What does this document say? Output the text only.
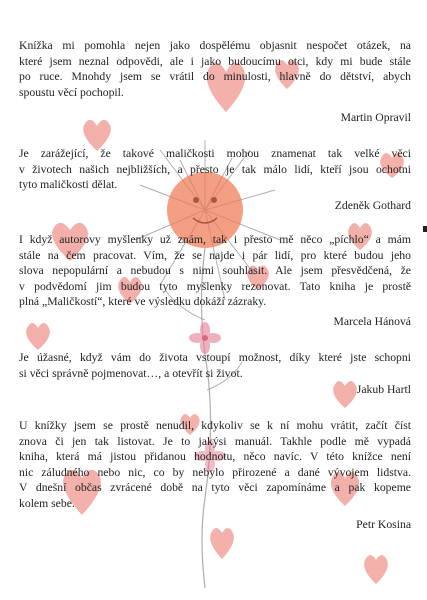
Knížka mi pomohla nejen jako dospělému objasnit nespočet otázek, na
které jsem neznal odpovědi, ale i jako budoucímu otci, kdy mi bude stále
po ruce. Mnohdy jsem se vrátil do minulosti, hlavně do dětství, abych
spoustu věcí pochopil.

Martin Opravil

Je zarážející, že takové maličkosti mohou znamenat tak velké věci
v životech našich nejbližších, a přesto je tak málo lidí, kteří jsou ochotni
tyto maličkosti dělat.

Zdeněk Gothard

I když autorovy myšlenky už znám, tak i přesto mě něco „píchlo“ a mám
stále na čem pracovat. Vím, že se najde i pár lidí, pro které budou jeho
slova nepopulární a nebudou s nimi souhlasit. Ale jsem přesvědčená, že
v podvědomí jim budou tyto myšlenky rezonovat. Tato kniha je prostě
plná „Maličkostí“, které ve výsledku dokáží zázraky.

Marcela Hánová

Je úžasné, když vám do života vstoupí možnost, díky které jste schopni
si věci správně pojmenovat…, a otevřít si život.

Jakub Hartl

U knížky jsem se prostě nenudil, kdykoliv se k ní mohu vrátit, začít číst
znova či jen tak listovat. Je to jakýsi manuál. Takhle podle mě vypadá
kniha, která má jistou přidanou hodnotu, něco navíc. V této knížce není
nic záludného nebo nic, co by nebylo přirozené a dané vývojem lidstva.
V dnešní občas zvrácené době na tyto věci zapomínáme a pak kopeme
kolem sebe.

Petr Kosina
